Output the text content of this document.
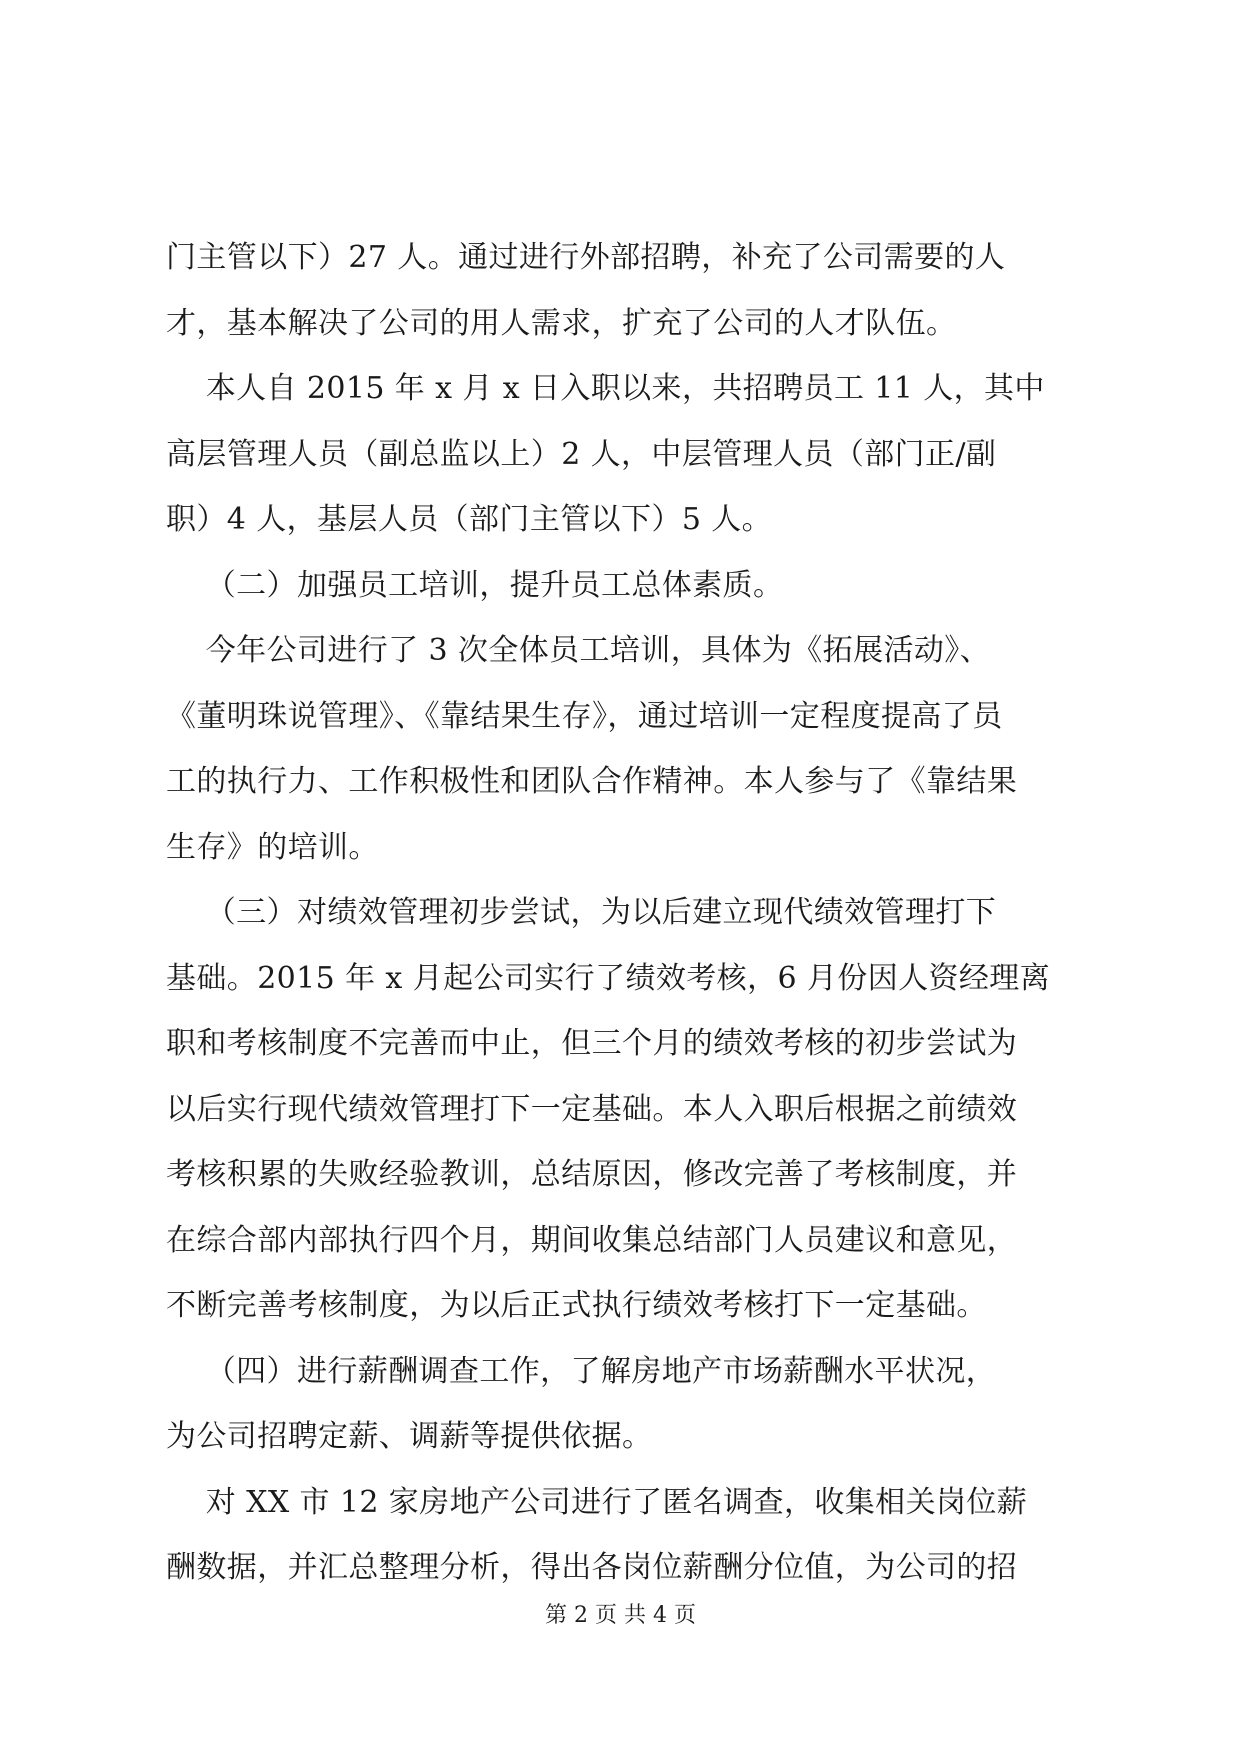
门主管以下）27 人。通过进行外部招聘，补充了公司需要的人
才，基本解决了公司的用人需求，扩充了公司的人才队伍。
本人自 2015 年 x 月 x 日入职以来，共招聘员工 11 人，其中
高层管理人员（副总监以上）2 人，中层管理人员（部门正/副
职）4 人，基层人员（部门主管以下）5 人。
（二）加强员工培训，提升员工总体素质。
今年公司进行了 3 次全体员工培训，具体为《拓展活动》、
《董明珠说管理》、《靠结果生存》，通过培训一定程度提高了员
工的执行力、工作积极性和团队合作精神。本人参与了《靠结果
生存》的培训。
（三）对绩效管理初步尝试，为以后建立现代绩效管理打下
基础。2015 年 x 月起公司实行了绩效考核，6 月份因人资经理离
职和考核制度不完善而中止，但三个月的绩效考核的初步尝试为
以后实行现代绩效管理打下一定基础。本人入职后根据之前绩效
考核积累的失败经验教训，总结原因，修改完善了考核制度，并
在综合部内部执行四个月，期间收集总结部门人员建议和意见，
不断完善考核制度，为以后正式执行绩效考核打下一定基础。
（四）进行薪酬调查工作，了解房地产市场薪酬水平状况，
为公司招聘定薪、调薪等提供依据。
对 XX 市 12 家房地产公司进行了匿名调查，收集相关岗位薪
酬数据，并汇总整理分析，得出各岗位薪酬分位值，为公司的招
第 2 页 共 4 页
